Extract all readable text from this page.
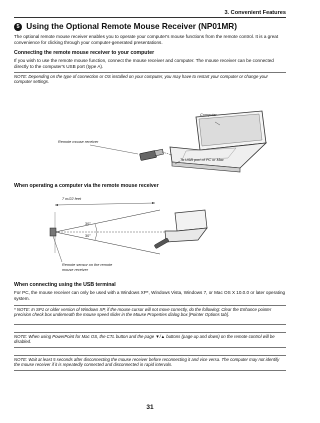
3. Convenient Features
5 Using the Optional Remote Mouse Receiver (NP01MR)
The optional remote mouse receiver enables you to operate your computer's mouse functions from the remote control. It is a great convenience for clicking through your computer-generated presentations.
Connecting the remote mouse receiver to your computer
If you wish to use the remote mouse function, connect the mouse receiver and computer. The mouse receiver can be connected directly to the computer's USB port (type A).
NOTE: Depending on the type of connection or OS installed on your computer, you may have to restart your computer or change your computer settings.
Computer
Remote mouse receiver
To USB port of PC or Mac
When operating a computer via the remote mouse receiver
7 m/22 feet
30°
30°
Remote sensor on the remote mouse receiver
When connecting using the USB terminal
For PC, the mouse receiver can only be used with a Windows XP*, Windows Vista, Windows 7, or Mac OS X 10.0.0 or later operating system.
* NOTE: In SP1 or older version of Windows XP, if the mouse cursor will not move correctly, do the following: Clear the Enhance pointer precision check box underneath the mouse speed slider in the Mouse Properties dialog box [Pointer Options tab].
NOTE: When using PowerPoint for Mac OS, the CTL button and the page ▼/▲ buttons (page up and down) on the remote control will be disabled.
NOTE: Wait at least 5 seconds after disconnecting the mouse receiver before reconnecting it and vice versa. The computer may not identify the mouse receiver if it is repeatedly connected and disconnected in rapid intervals.
31
